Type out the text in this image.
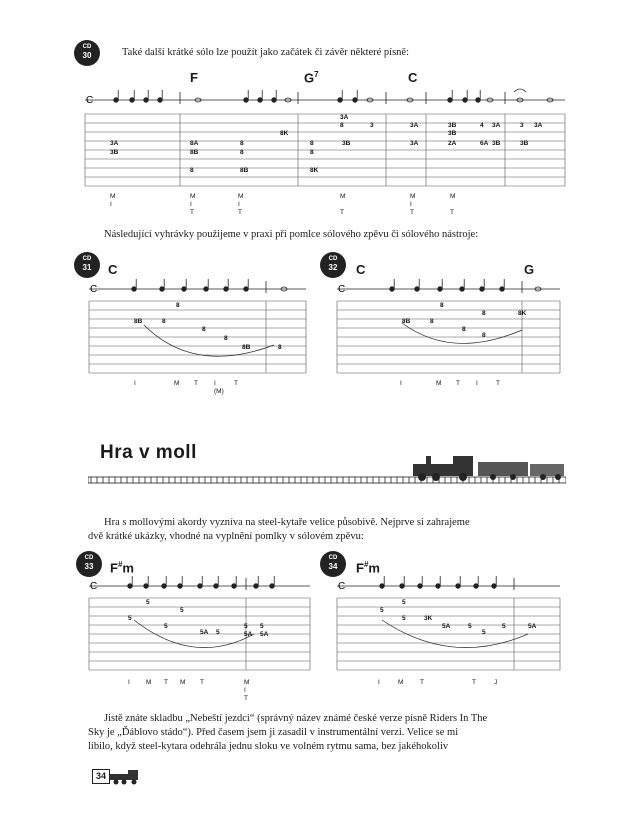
CD
30	Také další krátké sólo lze použít jako začátek či závěr některé písně:
F	$G^7$	C
C
3A
3B
8A
8B
8
8
8
8K
8B
8
8
8K
3A
8
3B
3	3A
3A
3B
3B
4
2A	6A
3
3B
3A
3B
3A
M
I
M
I
T
M
I
T
M
T
M
I
T
M
T
Následující vyhrávky použijeme v praxi při pomlce sólového zpěvu či sólového nástroje:
CD
31	C
C
8
8B	8
8
8
8B	8
I	M T I	T
(M)
CD
32	C	G
C
8
8	8K
8B	8
8
8
I	M T I	T
Hra v moll
Hra s mollovými akordy vyzníva na steel-kytaře velice působivě. Nejprve si zahrajeme
dvě krátké ukázky, vhodné na vyplnění pomlky v sólovém zpěvu:
CD
33	F#m
C
5
5
5
5
5A 5
5 5
5A 5A
I M T M T	M
I
T
CD
34	F#m
C
5
5
5	3K
5A	5
5
5	5A
I	M	T	T	J
Jistě znáte skladbu „Nebeští jezdci“ (správný název známé české verze písně Riders In The
Sky je „Ďáblovo stádo“). Před časem jsem ji zasadil v instrumentální verzi. Velice se mi
líbilo, když steel-kytara odehrála jednu sloku ve volném rytmu sama, bez jakéhokoliv
34
